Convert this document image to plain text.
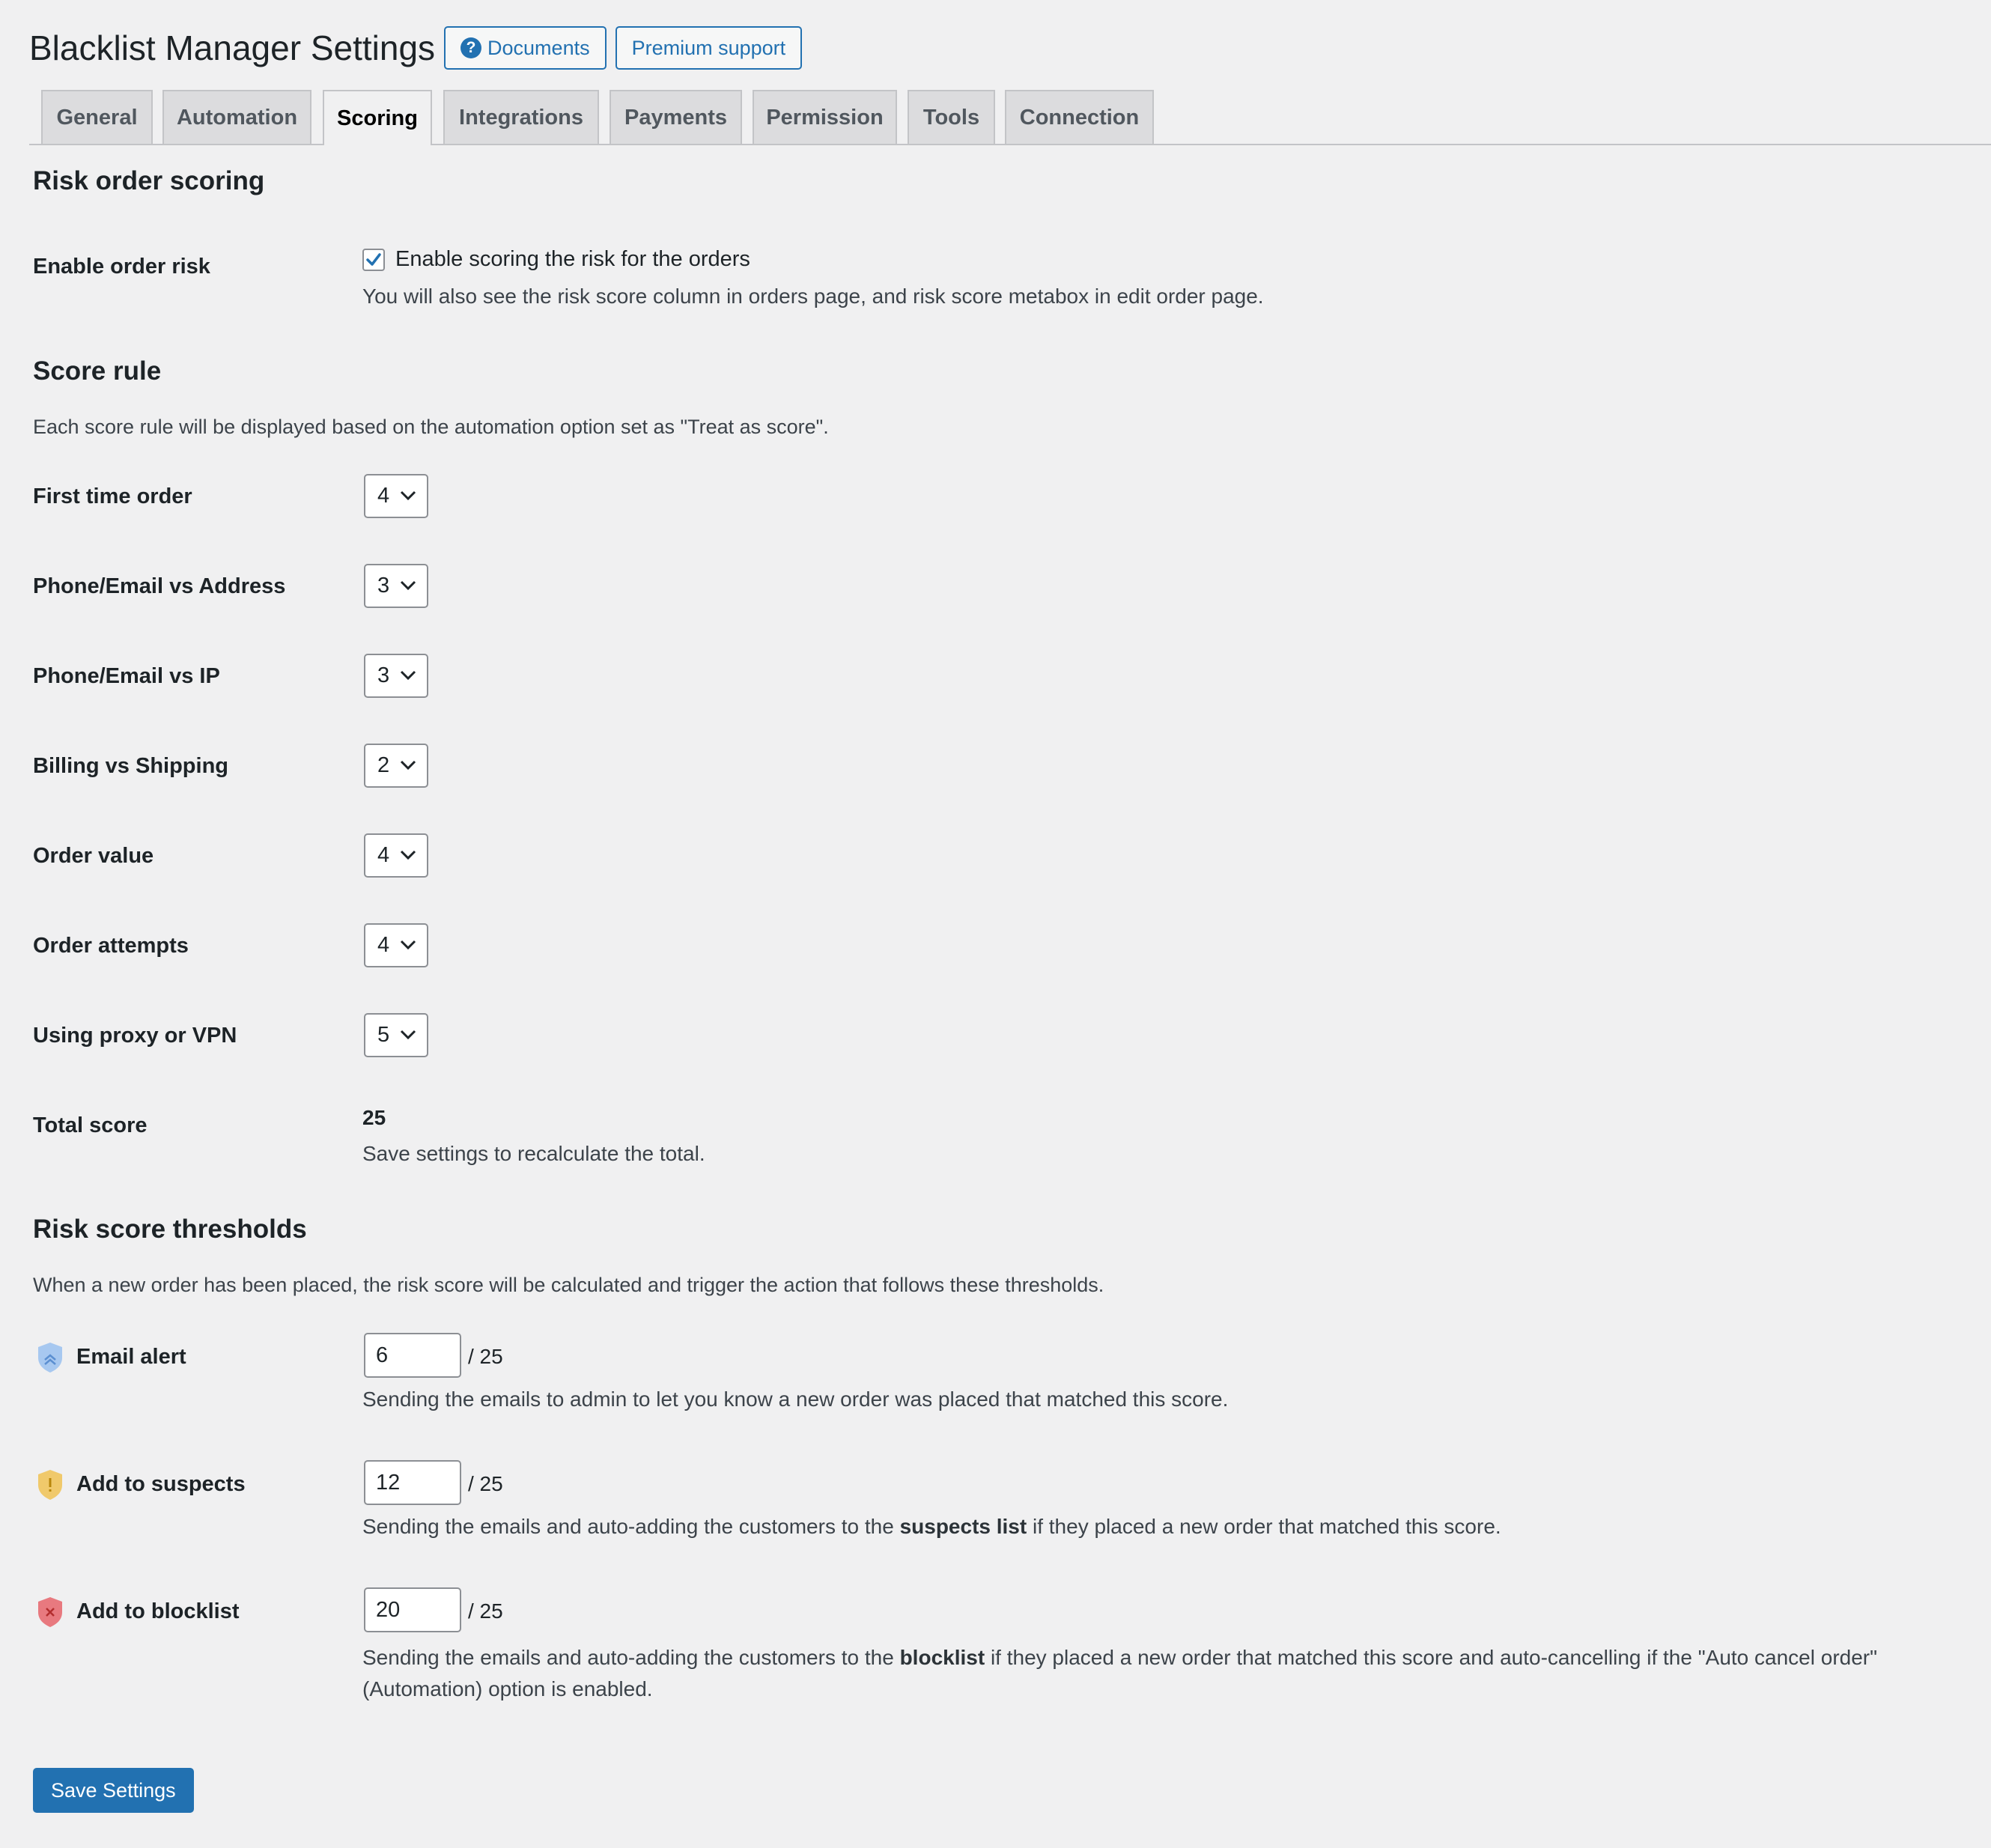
Blacklist Manager Settings	? Documents Premium support
General Automation Scoring Integrations Payments Permission Tools Connection
Risk order scoring
Enable order risk	Enable scoring the risk for the orders
You will also see the risk score column in orders page, and risk score metabox in edit order page.
Score rule
Each score rule will be displayed based on the automation option set as "Treat as score".
First time order	4
Phone/Email vs Address	3
Phone/Email vs IP	3
Billing vs Shipping	2
Order value	4
Order attempts	4
Using proxy or VPN	5
Total score	25
Save settings to recalculate the total.
Risk score thresholds
When a new order has been placed, the risk score will be calculated and trigger the action that follows these thresholds.
Email alert	6	/ 25
Sending the emails to admin to let you know a new order was placed that matched this score.
Add to suspects	12	/ 25
Sending the emails and auto-adding the customers to the suspects list if they placed a new order that matched this score.
Add to blocklist	20	/ 25
Sending the emails and auto-adding the customers to the blocklist if they placed a new order that matched this score and auto-cancelling if the "Auto cancel order" (Automation) option is enabled.
Save Settings
